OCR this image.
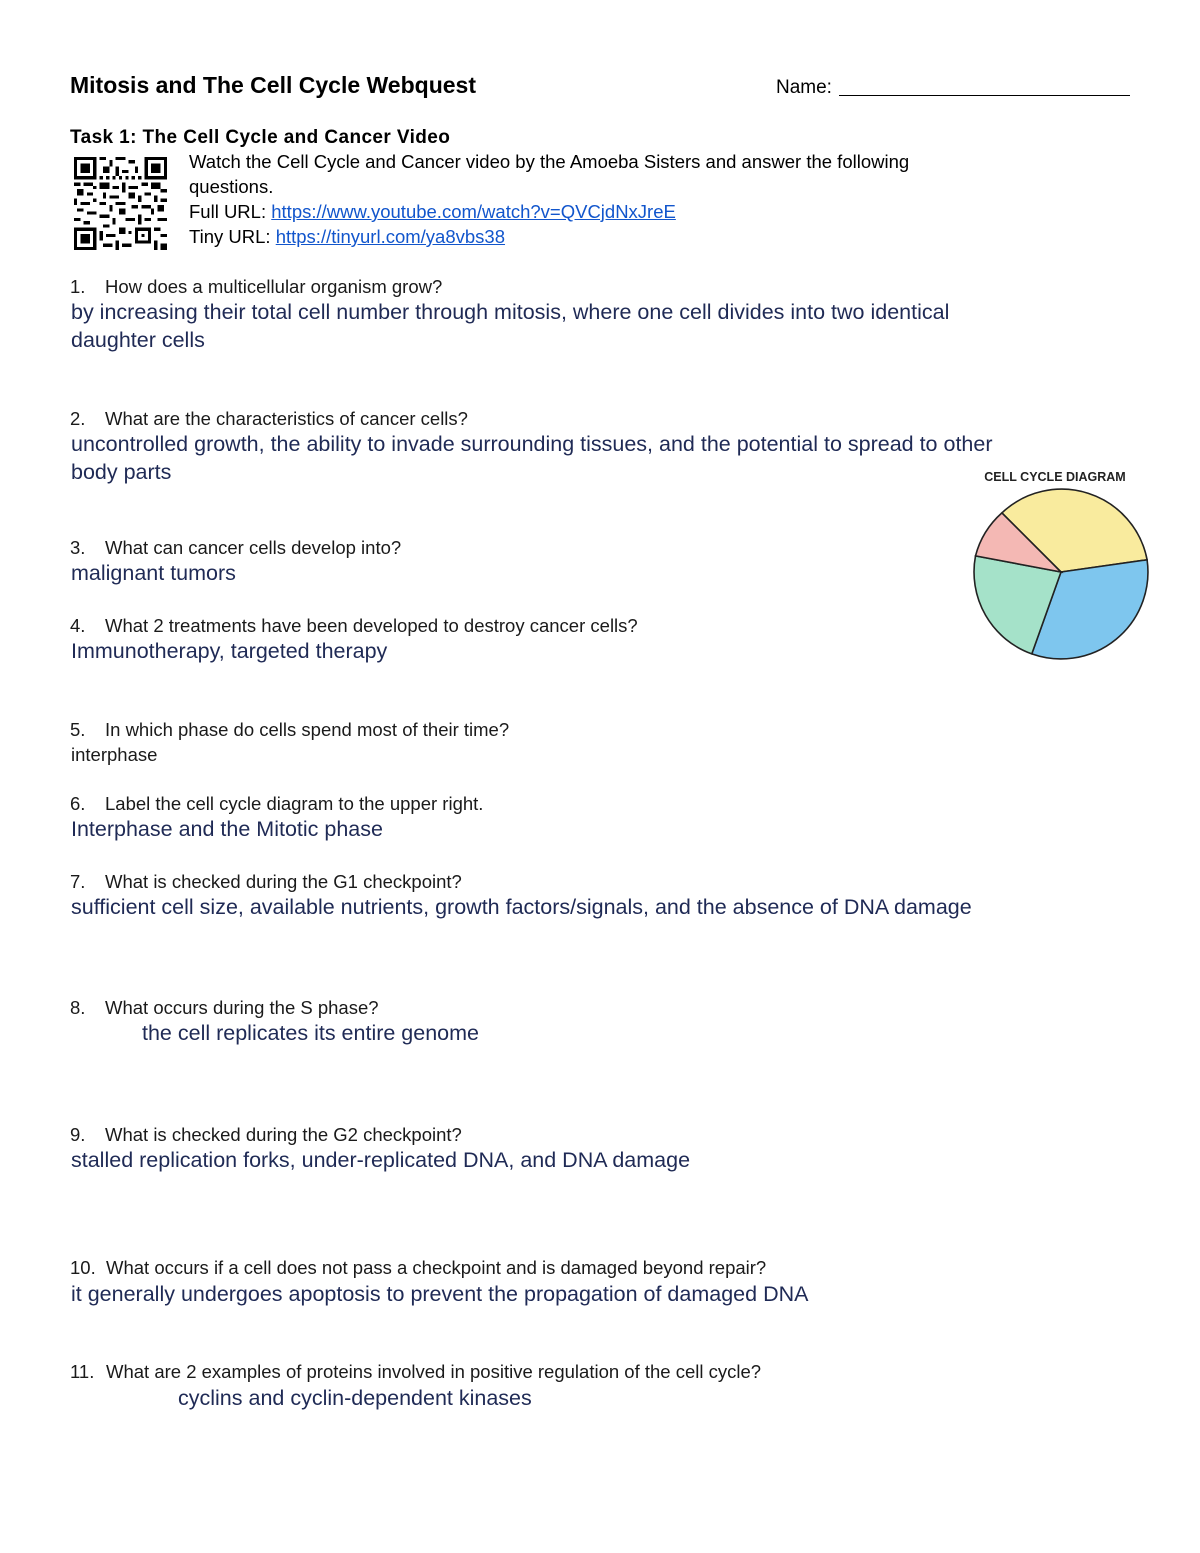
Mitosis and The Cell Cycle Webquest	Name:
Task 1: The Cell Cycle and Cancer Video
Watch the Cell Cycle and Cancer video by the Amoeba Sisters and answer the following
questions.
Full URL: https://www.youtube.com/watch?v=QVCjdNxJreE
Tiny URL: https://tinyurl.com/ya8vbs38
1. How does a multicellular organism grow?
by increasing their total cell number through mitosis, where one cell divides into two identical
daughter cells
2. What are the characteristics of cancer cells?
uncontrolled growth, the ability to invade surrounding tissues, and the potential to spread to other
body parts
3. What can cancer cells develop into?
malignant tumors
4. What 2 treatments have been developed to destroy cancer cells?
Immunotherapy, targeted therapy
5. In which phase do cells spend most of their time?
interphase
6. Label the cell cycle diagram to the upper right.
Interphase and the Mitotic phase
7. What is checked during the G1 checkpoint?
sufficient cell size, available nutrients, growth factors/signals, and the absence of DNA damage
8. What occurs during the S phase?
the cell replicates its entire genome
9. What is checked during the G2 checkpoint?
stalled replication forks, under-replicated DNA, and DNA damage
10. What occurs if a cell does not pass a checkpoint and is damaged beyond repair?
it generally undergoes apoptosis to prevent the propagation of damaged DNA
11. What are 2 examples of proteins involved in positive regulation of the cell cycle?
cyclins and cyclin-dependent kinases
CELL CYCLE DIAGRAM
